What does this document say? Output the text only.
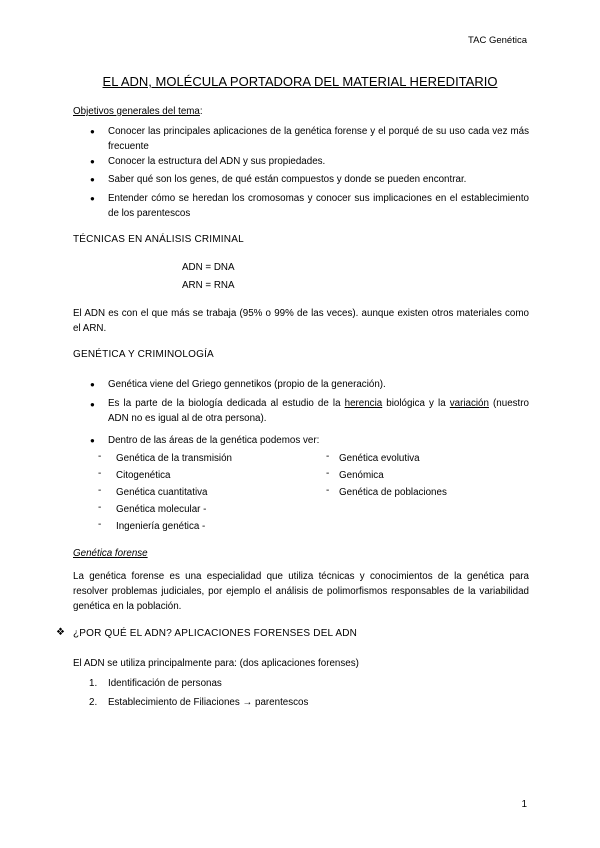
TAC Genética
EL ADN, MOLÉCULA PORTADORA DEL MATERIAL HEREDITARIO
Objetivos generales del tema:
● Conocer las principales aplicaciones de la genética forense y el porqué de su uso cada vez más frecuente
● Conocer la estructura del ADN y sus propiedades.
● Saber qué son los genes, de qué están compuestos y donde se pueden encontrar.
● Entender cómo se heredan los cromosomas y conocer sus implicaciones en el establecimiento de los parentescos
TÉCNICAS EN ANÁLISIS CRIMINAL
ADN = DNA
ARN = RNA
El ADN es con el que más se trabaja (95% o 99% de las veces). aunque existen otros materiales como el ARN.
GENÉTICA Y CRIMINOLOGÍA
● Genética viene del Griego gennetikos (propio de la generación).
● Es la parte de la biología dedicada al estudio de la herencia biológica y la variación (nuestro ADN no es igual al de otra persona).
● Dentro de las áreas de la genética podemos ver:
- Genética de la transmisión
- Citogenética
- Genética cuantitativa
- Genética molecular -
- Ingeniería genética -
- Genética evolutiva
- Genómica
- Genética de poblaciones
Genética forense
La genética forense es una especialidad que utiliza técnicas y conocimientos de la genética para resolver problemas judiciales, por ejemplo el análisis de polimorfismos responsables de la variabilidad genética en la población.
❖ ¿POR QUÉ EL ADN? APLICACIONES FORENSES DEL ADN
El ADN se utiliza principalmente para: (dos aplicaciones forenses)
1. Identificación de personas
2. Establecimiento de Filiaciones → parentescos
1
